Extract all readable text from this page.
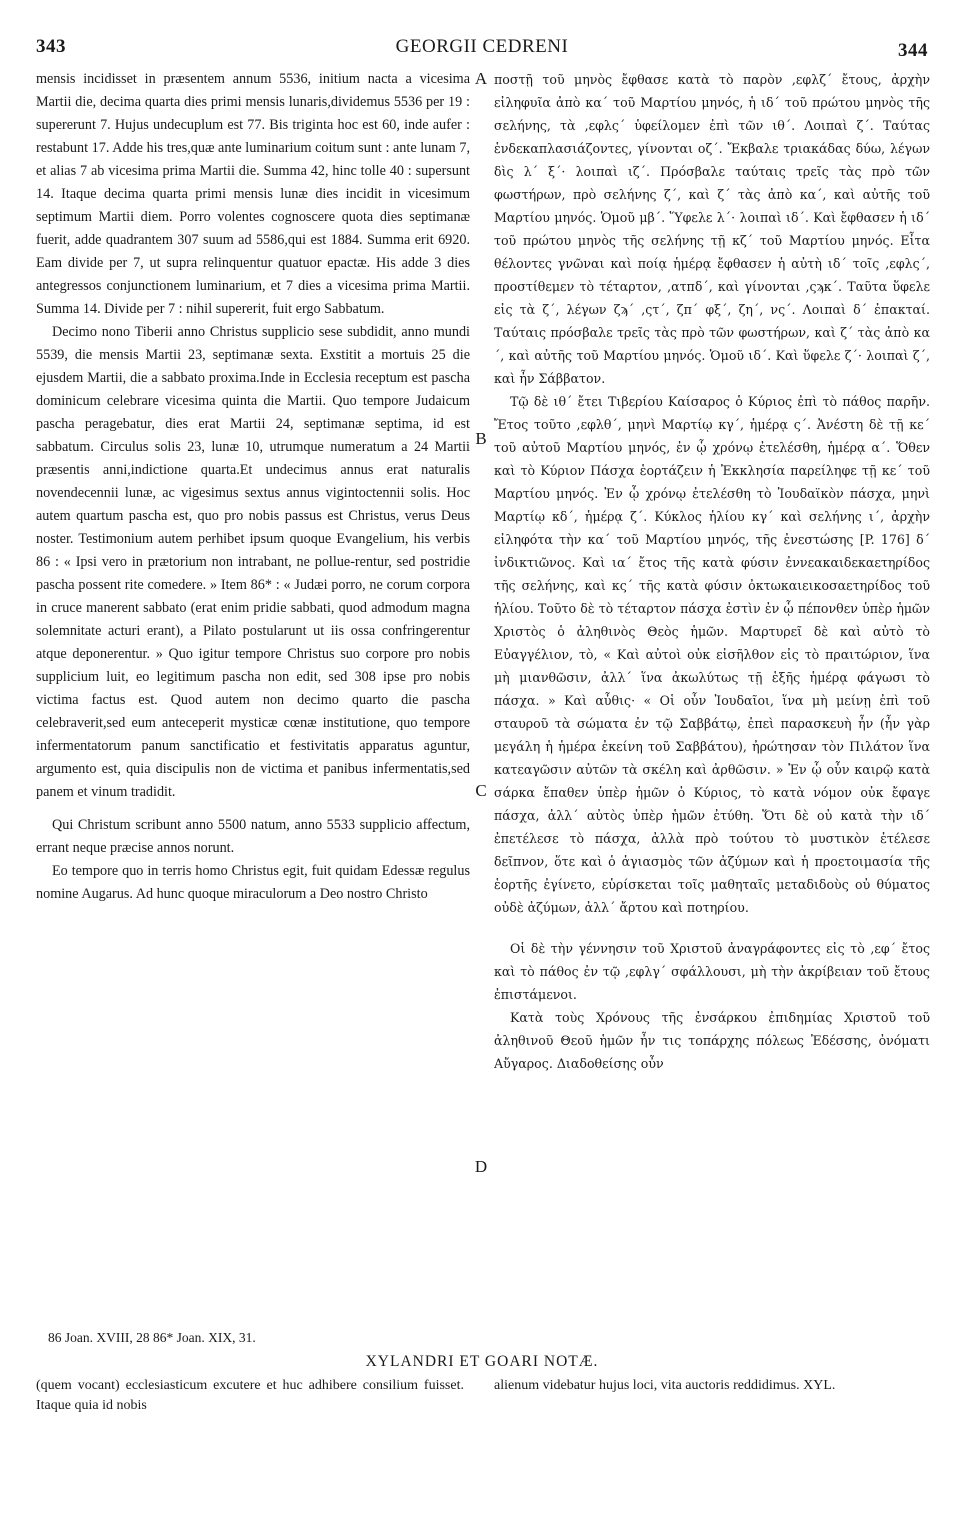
343	GEORGII CEDRENI	344

mensis incidisset in præsentem annum 5536, initium nacta a vicesima Martii die, decima quarta dies primi mensis lunaris,dividemus 5536 per 19 : supererunt 7. Hujus undecuplum est 77. Bis triginta hoc est 60, inde aufer : restabunt 17. Adde his tres,quæ ante luminarium coitum sunt : ante lunam 7, et alias 7 ab vicesima prima Martii die. Summa 42, hinc tolle 40 : supersunt 14. Itaque decima quarta primi mensis lunæ dies incidit in vicesimum septimum Martii diem. Porro volentes cognoscere quota dies septimanæ fuerit, adde quadrantem 307 suum ad 5586,qui est 1884. Summa erit 6920. Eam divide per 7, ut supra relinquentur quatuor epactæ. His adde 3 dies antegressos conjunctionem luminarium, et 7 dies a vicesima prima Martii. Summa 14. Divide per 7 : nihil supererit, fuit ergo Sabbatum.

Decimo nono Tiberii anno Christus supplicio sese subdidit, anno mundi 5539, die mensis Martii 23, septimanæ sexta. Exstitit a mortuis 25 die ejusdem Martii, die a sabbato proxima.Inde in Ecclesia receptum est pascha dominicum celebrare vicesima quinta die Martii. Quo tempore Judaicum pascha peragebatur, dies erat Martii 24, septimanæ septima, id est sabbatum. Circulus solis 23, lunæ 10, utrumque numeratum a 24 Martii præsentis anni,indictione quarta.Et undecimus annus erat naturalis novendecennii lunæ, ac vigesimus sextus annus vigintoctennii solis. Hoc autem quartum pascha est, quo pro nobis passus est Christus, verus Deus noster. Testimonium autem perhibet ipsum quoque Evangelium, his verbis 86 : « Ipsi vero in prætorium non intrabant, ne pollue-rentur, sed postridie pascha possent rite comedere. » Item 86* : « Judæi porro, ne corum corpora in cruce manerent sabbato (erat enim pridie sabbati, quod admodum magna solemnitate acturi erant), a Pilato postularunt ut iis ossa confringerentur atque deponerentur. » Quo igitur tempore Christus suo corpore pro nobis supplicium luit, eo legitimum pascha non edit, sed 308 ipse pro nobis victima factus est. Quod autem non decimo quarto die pascha celebraverit,sed eum anteceperit mysticæ cœnæ institutione, quo tempore infermentatorum panum sanctificatio et festivitatis apparatus aguntur, argumento est, quia discipulis non de victima et panibus infermentatis,sed panem et vinum tradidit.

Qui Christum scribunt anno 5500 natum, anno 5533 supplicio affectum, errant neque præcise annos norunt.

Eo tempore quo in terris homo Christus egit, fuit quidam Edessæ regulus nomine Augarus. Ad hunc quoque miraculorum a Deo nostro Christo

A
B
C
D

ποστῇ τοῦ μηνὸς ἔφθασε κατὰ τὸ παρὸν ,εφλζ´ ἔτους, ἀρχὴν εἰληφυῖα ἀπὸ κα´ τοῦ Μαρτίου μηνός, ἡ ιδ´ τοῦ πρώτου μηνὸς τῆς σελήνης, τὰ ,εφλς´ ὑφείλομεν ἐπὶ τῶν ιθ´. Λοιπαὶ ζ´. Ταύτας ἑνδεκαπλασιάζοντες, γίνονται οζ´. Ἔκβαλε τριακάδας δύω, λέγων δὶς λ´ ξ´· λοιπαὶ ιζ´. Πρόσβαλε ταύταις τρεῖς τὰς πρὸ τῶν φωστήρων, πρὸ σελήνης ζ´, καὶ ζ´ τὰς ἀπὸ κα´, καὶ αὐτῆς τοῦ Μαρτίου μηνός. Ὁμοῦ μβ´. Ὕφελε λ´· λοιπαὶ ιδ´. Καὶ ἔφθασεν ἡ ιδ´ τοῦ πρώτου μηνὸς τῆς σελήνης τῇ κζ´ τοῦ Μαρτίου μηνός. Εἶτα θέλοντες γνῶναι καὶ ποίᾳ ἡμέρᾳ ἔφθασεν ἡ αὐτὴ ιδ´ τοῖς ,εφλς´, προστίθεμεν τὸ τέταρτον, ,ατπδ´, καὶ γίνονται ,ςϡκ´. Ταῦτα ὕφελε εἰς τὰ ζ´, λέγων ζϡ´ ,ςτ´, ζπ´ φξ´, ζη´, νς´. Λοιπαὶ δ´ ἐπακταί. Ταύταις πρόσβαλε τρεῖς τὰς πρὸ τῶν φωστήρων, καὶ ζ´ τὰς ἀπὸ κα´, καὶ αὐτῆς τοῦ Μαρτίου μηνός. Ὁμοῦ ιδ´. Καὶ ὕφελε ζ´· λοιπαὶ ζ´, καὶ ἦν Σάββατον.

Τῷ δὲ ιθ´ ἔτει Τιβερίου Καίσαρος ὁ Κύριος ἐπὶ τὸ πάθος παρῆν. Ἔτος τοῦτο ,εφλθ´, μηνὶ Μαρτίῳ κγ´, ἡμέρᾳ ς´. Ἀνέστη δὲ τῇ κε´ τοῦ αὐτοῦ Μαρτίου μηνός, ἐν ᾧ χρόνῳ ἐτελέσθη, ἡμέρᾳ α´. Ὅθεν καὶ τὸ Κύριον Πάσχα ἑορτάζειν ἡ Ἐκκλησία παρείληφε τῇ κε´ τοῦ Μαρτίου μηνός. Ἐν ᾧ χρόνῳ ἐτελέσθη τὸ Ἰουδαϊκὸν πάσχα, μηνὶ Μαρτίῳ κδ´, ἡμέρᾳ ζ´. Κύκλος ἡλίου κγ´ καὶ σελήνης ι´, ἀρχὴν εἰληφότα τὴν κα´ τοῦ Μαρτίου μηνός, τῆς ἐνεστώσης [P. 176] δ´ ἰνδικτιῶνος. Καὶ ια´ ἔτος τῆς κατὰ φύσιν ἐννεακαιδεκαετηρίδος τῆς σελήνης, καὶ κς´ τῆς κατὰ φύσιν ὀκτωκαιεικοσαετηρίδος τοῦ ἡλίου. Τοῦτο δὲ τὸ τέταρτον πάσχα ἐστὶν ἐν ᾧ πέπονθεν ὑπὲρ ἡμῶν Χριστὸς ὁ ἀληθινὸς Θεὸς ἡμῶν. Μαρτυρεῖ δὲ καὶ αὐτὸ τὸ Εὐαγγέλιον, τὸ, « Καὶ αὐτοὶ οὐκ εἰσῆλθον εἰς τὸ πραιτώριον, ἵνα μὴ μιανθῶσιν, ἀλλ´ ἵνα ἀκωλύτως τῇ ἑξῆς ἡμέρᾳ φάγωσι τὸ πάσχα. » Καὶ αὖθις· « Οἱ οὖν Ἰουδαῖοι, ἵνα μὴ μείνῃ ἐπὶ τοῦ σταυροῦ τὰ σώματα ἐν τῷ Σαββάτῳ, ἐπεὶ παρασκευὴ ἦν (ἦν γὰρ μεγάλη ἡ ἡμέρα ἐκείνη τοῦ Σαββάτου), ἠρώτησαν τὸν Πιλάτον ἵνα κατεαγῶσιν αὐτῶν τὰ σκέλη καὶ ἀρθῶσιν. » Ἐν ᾧ οὖν καιρῷ κατὰ σάρκα ἔπαθεν ὑπὲρ ἡμῶν ὁ Κύριος, τὸ κατὰ νόμον οὐκ ἔφαγε πάσχα, ἀλλ´ αὐτὸς ὑπὲρ ἡμῶν ἐτύθη. Ὅτι δὲ οὐ κατὰ τὴν ιδ´ ἐπετέλεσε τὸ πάσχα, ἀλλὰ πρὸ τούτου τὸ μυστικὸν ἐτέλεσε δεῖπνον, ὅτε καὶ ὁ ἁγιασμὸς τῶν ἀζύμων καὶ ἡ προετοιμασία τῆς ἑορτῆς ἐγίνετο, εὑρίσκεται τοῖς μαθηταῖς μεταδιδοὺς οὐ θύματος οὐδὲ ἀζύμων, ἀλλ´ ἄρτου καὶ ποτηρίου.

Οἱ δὲ τὴν γέννησιν τοῦ Χριστοῦ ἀναγράφοντες εἰς τὸ ,εφ´ ἔτος καὶ τὸ πάθος ἐν τῷ ,εφλγ´ σφάλλουσι, μὴ τὴν ἀκρίβειαν τοῦ ἔτους ἐπιστάμενοι.

Κατὰ τοὺς Χρόνους τῆς ἐνσάρκου ἐπιδημίας Χριστοῦ τοῦ ἀληθινοῦ Θεοῦ ἡμῶν ἦν τις τοπάρχης πόλεως Ἐδέσσης, ὀνόματι Αὔγαρος. Διαδοθείσης οὖν

86 Joan. XVIII, 28 86* Joan. XIX, 31.
XYLANDRI ET GOARI NOTÆ.
(quem vocant) ecclesiasticum excutere et huc adhibere consilium fuisset. Itaque quia id nobis
alienum videbatur hujus loci, vita auctoris reddidimus. XYL.
